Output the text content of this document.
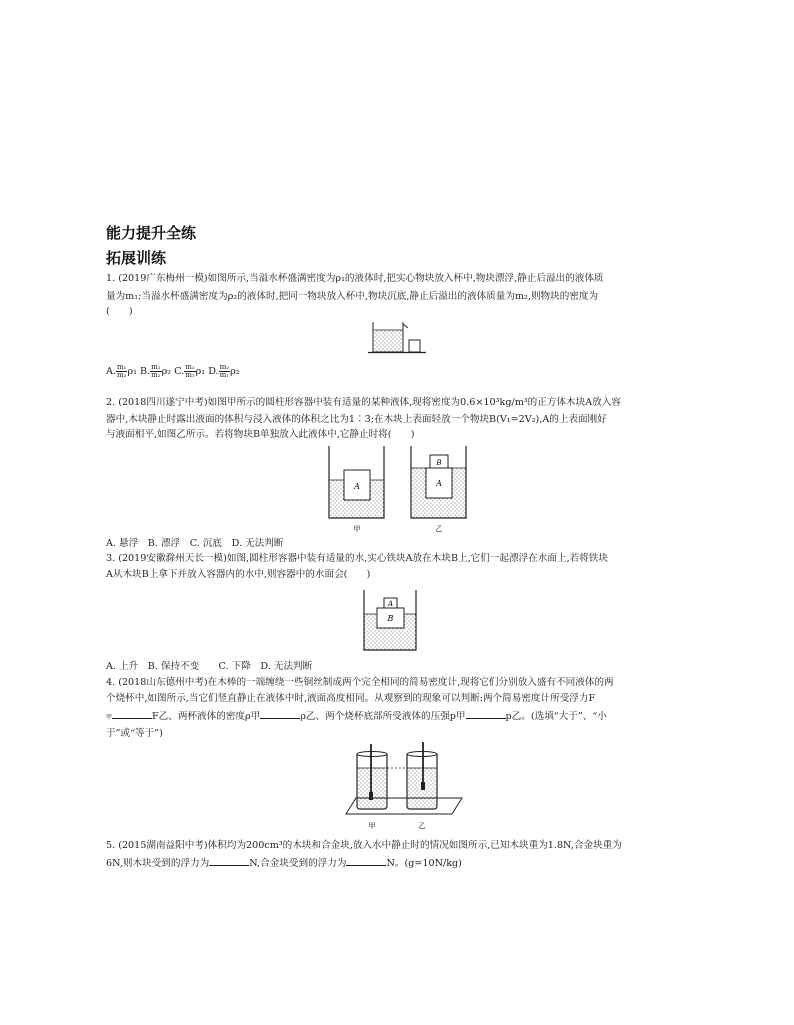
能力提升全练
拓展训练
1. (2019广东梅州一模)如图所示,当溢水杯盛满密度为ρ₁的液体时,把实心物块放入杯中,物块漂浮,静止后溢出的液体质
量为m₁;当溢水杯盛满密度为ρ₂的液体时,把同一物块放入杯中,物块沉底,静止后溢出的液体质量为m₂,则物块的密度为
(　　)
A. $\frac{\text{m₁}}{\text{m₂}} \rho_1$ B. $\frac{\text{m₁}}{\text{m₂}} \rho_2$ C. $\frac{\text{m₂}}{\text{m₁}} \rho_1$ D. $\frac{\text{m₂}}{\text{m₁}} \rho_2$
2. (2018四川遂宁中考)如图甲所示的圆柱形容器中装有适量的某种液体,现将密度为0.6×10³kg/m³的正方体木块A放入容
器中,木块静止时露出液面的体积与浸入液体的体积之比为1∶3;在木块上表面轻放一个物块B(V₁=2V₂),A的上表面刚好
与液面相平,如图乙所示。若将物块B单独放入此液体中,它静止时将(　　)
A
B
A
甲	乙
A. 悬浮　B. 漂浮　C. 沉底　D. 无法判断
3. (2019安徽滁州天长一模)如图,圆柱形容器中装有适量的水,实心铁块A放在木块B上,它们一起漂浮在水面上,若将铁块
A从木块B上拿下并放入容器内的水中,则容器中的水面会(　　)
A
B
A. 上升　B. 保持不变　　C. 下降　D. 无法判断
4. (2018山东德州中考)在木棒的一端缠绕一些铜丝制成两个完全相同的简易密度计,现将它们分别放入盛有不同液体的两
个烧杯中,如图所示,当它们竖直静止在液体中时,液面高度相同。从观察到的现象可以判断:两个简易密度计所受浮力F
甲	F乙、两杯液体的密度ρ甲	ρ乙、两个烧杯底部所受液体的压强p甲	p乙。(选填“大于”、“小
于”或“等于”)
甲	乙
5. (2015湖南益阳中考)体积均为200cm³的木块和合金块,放入水中静止时的情况如图所示,已知木块重为1.8N,合金块重为
6N,则木块受到的浮力为	N,合金块受到的浮力为	N。(g=10N/kg)
